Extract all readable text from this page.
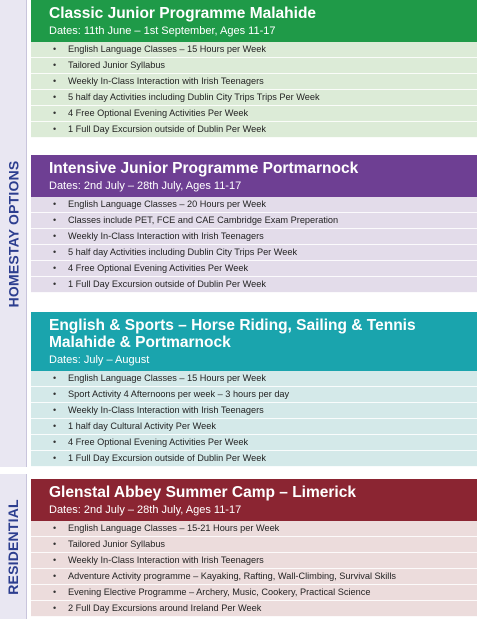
HOMESTAY OPTIONS
RESIDENTIAL
Classic Junior Programme Malahide
Dates: 11th June – 1st September, Ages 11-17
• English Language Classes – 15 Hours per Week
• Tailored Junior Syllabus
• Weekly In-Class Interaction with Irish Teenagers
• 5 half day Activities including Dublin City Trips Trips Per Week
• 4 Free Optional Evening Activities Per Week
• 1 Full Day Excursion outside of Dublin Per Week
Intensive Junior Programme Portmarnock
Dates: 2nd July – 28th July, Ages 11-17
• English Language Classes – 20 Hours per Week
• Classes include PET, FCE and CAE Cambridge Exam Preperation
• Weekly In-Class Interaction with Irish Teenagers
• 5 half day Activities including Dublin City Trips Per Week
• 4 Free Optional Evening Activities Per Week
• 1 Full Day Excursion outside of Dublin Per Week
English & Sports – Horse Riding, Sailing & Tennis
Malahide & Portmarnock
Dates: July – August
• English Language Classes – 15 Hours per Week
• Sport Activity 4 Afternoons per week – 3 hours per day
• Weekly In-Class Interaction with Irish Teenagers
• 1 half day Cultural Activity Per Week
• 4 Free Optional Evening Activities Per Week
• 1 Full Day Excursion outside of Dublin Per Week
Glenstal Abbey Summer Camp – Limerick
Dates: 2nd July – 28th July, Ages 11-17
• English Language Classes – 15-21 Hours per Week
• Tailored Junior Syllabus
• Weekly In-Class Interaction with Irish Teenagers
• Adventure Activity programme – Kayaking, Rafting, Wall-Climbing, Survival Skills
• Evening Elective Programme – Archery, Music, Cookery, Practical Science
• 2 Full Day Excursions around Ireland Per Week
